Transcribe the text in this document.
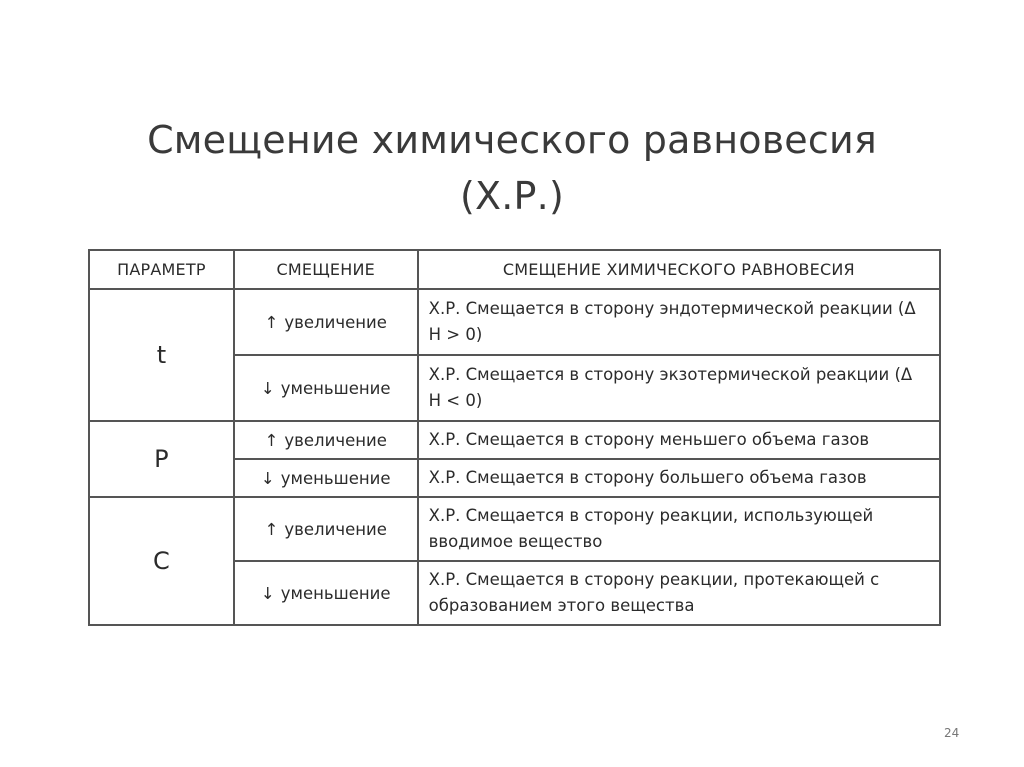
Смещение химического равновесия
(Х.Р.)
ПАРАМЕТР	СМЕЩЕНИЕ	СМЕЩЕНИЕ ХИМИЧЕСКОГО РАВНОВЕСИЯ
t	↑ увеличение	Х.Р. Смещается в сторону эндотермической реакции (Δ H > 0)
	↓ уменьшение	Х.Р. Смещается в сторону экзотермической реакции (Δ H < 0)
P	↑ увеличение	Х.Р. Смещается в сторону меньшего объема газов
	↓ уменьшение	Х.Р. Смещается в сторону большего объема газов
C	↑ увеличение	Х.Р. Смещается в сторону реакции, использующей вводимое вещество
	↓ уменьшение	Х.Р. Смещается в сторону реакции, протекающей с образованием этого вещества
24
